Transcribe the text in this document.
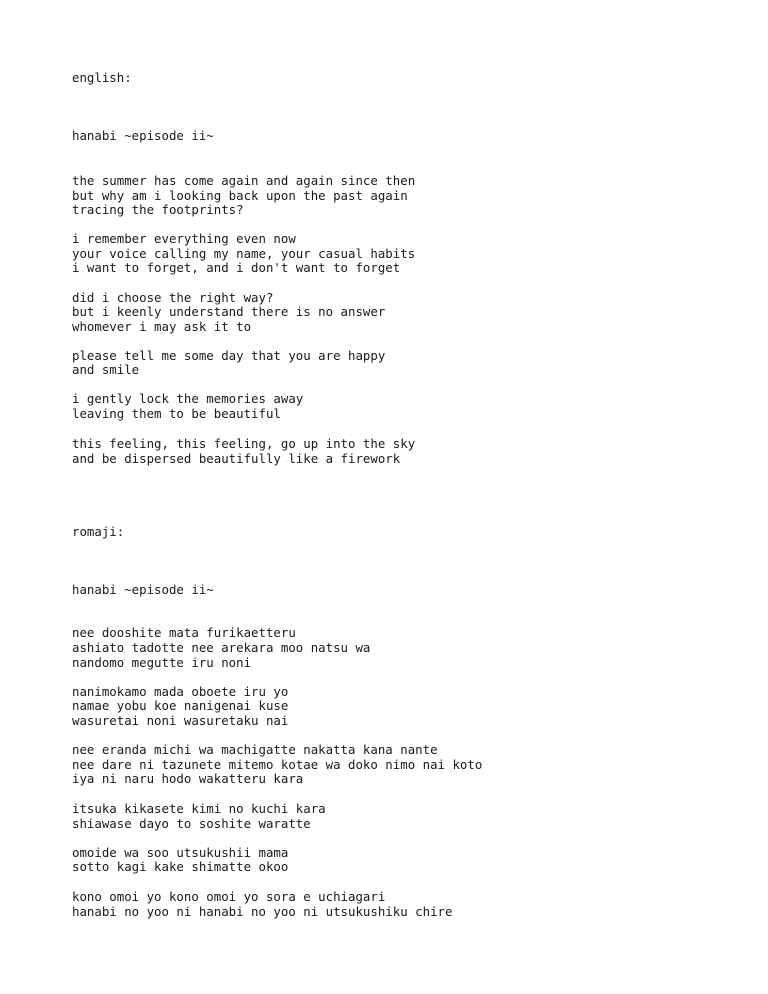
english:

hanabi ~episode ii~

the summer has come again and again since then

but why am i looking back upon the past again

tracing the footprints?

i remember everything even now

your voice calling my name, your casual habits

i want to forget, and i don't want to forget

did i choose the right way?

but i keenly understand there is no answer

whomever i may ask it to

please tell me some day that you are happy

and smile

i gently lock the memories away

leaving them to be beautiful

this feeling, this feeling, go up into the sky

and be dispersed beautifully like a firework

romaji:

hanabi ~episode ii~

nee dooshite mata furikaetteru

ashiato tadotte nee arekara moo natsu wa

nandomo megutte iru noni

nanimokamo mada oboete iru yo

namae yobu koe nanigenai kuse

wasuretai noni wasuretaku nai

nee eranda michi wa machigatte nakatta kana nante

nee dare ni tazunete mitemo kotae wa doko nimo nai koto

iya ni naru hodo wakatteru kara

itsuka kikasete kimi no kuchi kara

shiawase dayo to soshite waratte

omoide wa soo utsukushii mama

sotto kagi kake shimatte okoo

kono omoi yo kono omoi yo sora e uchiagari

hanabi no yoo ni hanabi no yoo ni utsukushiku chire
